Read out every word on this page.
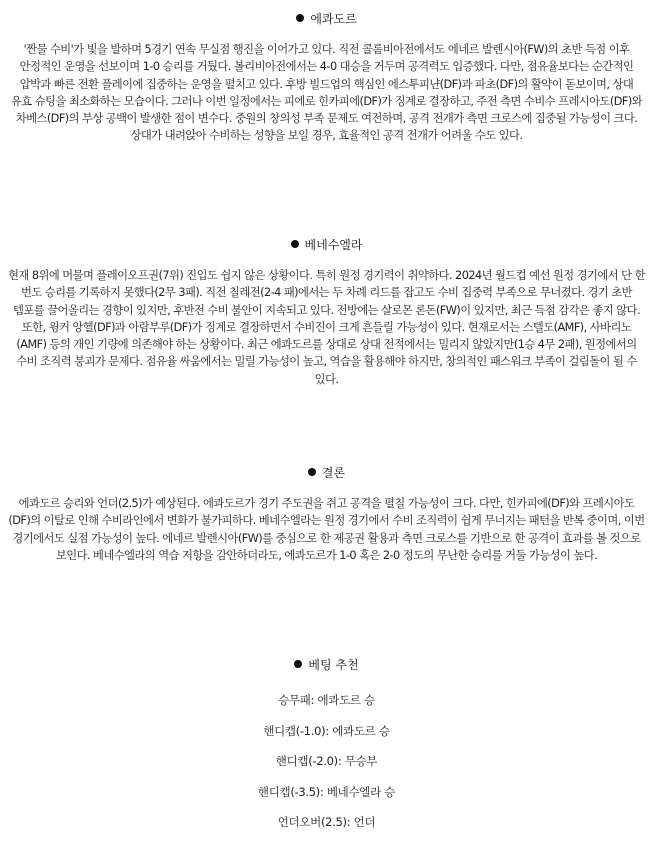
에콰도르

'짠물 수비'가 빛을 발하며 5경기 연속 무실점 행진을 이어가고 있다. 직전 콜롬비아전에서도 에네르 발렌시아(FW)의 초반 득점 이후 안정적인 운영을 선보이며 1-0 승리를 거뒀다. 볼리비아전에서는 4-0 대승을 거두며 공격력도 입증했다. 다만, 점유율보다는 순간적인 압박과 빠른 전환 플레이에 집중하는 운영을 펼치고 있다. 후방 빌드업의 핵심인 에스투피냔(DF)과 파초(DF)의 활약이 돋보이며, 상대 유효 슈팅을 최소화하는 모습이다. 그러나 이번 일정에서는 피에로 힌카피에(DF)가 징계로 결장하고, 주전 측면 수비수 프레시아도(DF)와 차베스(DF)의 부상 공백이 발생한 점이 변수다. 중원의 창의성 부족 문제도 여전하며, 공격 전개가 측면 크로스에 집중될 가능성이 크다. 상대가 내려앉아 수비하는 성향을 보일 경우, 효율적인 공격 전개가 어려울 수도 있다.

베네수엘라

현재 8위에 머물며 플레이오프권(7위) 진입도 쉽지 않은 상황이다. 특히 원정 경기력이 취약하다. 2024년 월드컵 예선 원정 경기에서 단 한 번도 승리를 기록하지 못했다(2무 3패). 직전 칠레전(2-4 패)에서는 두 차례 리드를 잡고도 수비 집중력 부족으로 무너졌다. 경기 초반 템포를 끌어올리는 경향이 있지만, 후반전 수비 불안이 지속되고 있다. 전방에는 살로몬 론돈(FW)이 있지만, 최근 득점 감각은 좋지 않다. 또한, 윙커 앙헬(DF)과 아람부루(DF)가 징계로 결장하면서 수비진이 크게 흔들릴 가능성이 있다. 현재로서는 스텔도(AMF), 사바리노(AMF) 등의 개인 기량에 의존해야 하는 상황이다. 최근 에콰도르를 상대로 상대 전적에서는 밀리지 않았지만(1승 4무 2패), 원정에서의 수비 조직력 붕괴가 문제다. 점유율 싸움에서는 밀릴 가능성이 높고, 역습을 활용해야 하지만, 창의적인 패스워크 부족이 걸림돌이 될 수 있다.

결론

에콰도르 승리와 언더(2.5)가 예상된다. 에콰도르가 경기 주도권을 쥐고 공격을 펼칠 가능성이 크다. 다만, 힌카피에(DF)와 프레시아도(DF)의 이탈로 인해 수비라인에서 변화가 불가피하다. 베네수엘라는 원정 경기에서 수비 조직력이 쉽게 무너지는 패턴을 반복 중이며, 이번 경기에서도 실점 가능성이 높다. 에네르 발렌시아(FW)를 중심으로 한 제공권 활용과 측면 크로스를 기반으로 한 공격이 효과를 볼 것으로 보인다. 베네수엘라의 역습 저항을 감안하더라도, 에콰도르가 1-0 혹은 2-0 정도의 무난한 승리를 거둘 가능성이 높다.

베팅 추천
승무패: 에콰도르 승
핸디캡(-1.0): 에콰도르 승
핸디캡(-2.0): 무승부
핸디캡(-3.5): 베네수엘라 승
언더오버(2.5): 언더
